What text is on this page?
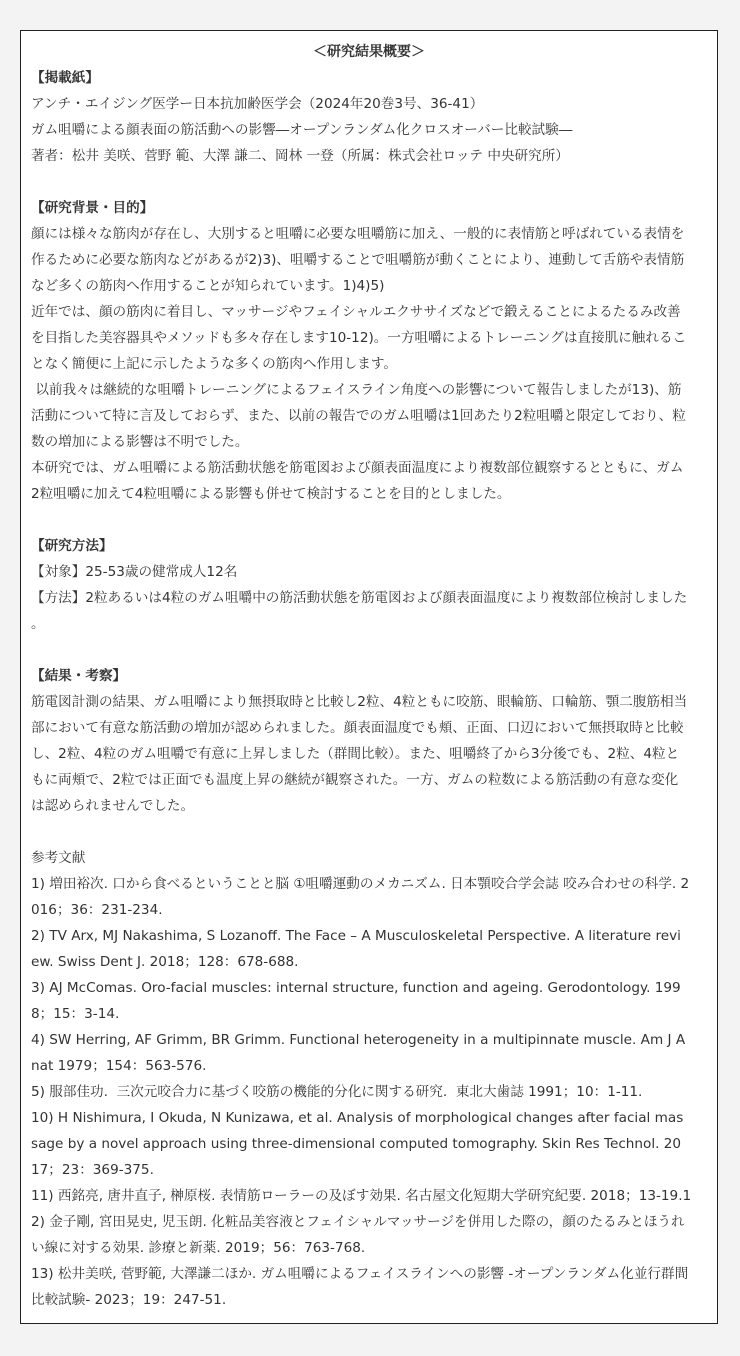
＜研究結果概要＞
【掲載紙】
アンチ・エイジング医学ー日本抗加齢医学会（2024年20巻3号、36-41）
ガム咀嚼による顔表面の筋活動への影響―オープンランダム化クロスオーバー比較試験―
著者：松井 美咲、菅野 範、大澤 謙二、岡林 一登（所属：株式会社ロッテ 中央研究所）
【研究背景・目的】
顔には様々な筋肉が存在し、大別すると咀嚼に必要な咀嚼筋に加え、一般的に表情筋と呼ばれている表情を
作るために必要な筋肉などがあるが2)3)、咀嚼することで咀嚼筋が動くことにより、連動して舌筋や表情筋
など多くの筋肉へ作用することが知られています。1)4)5)
近年では、顔の筋肉に着目し、マッサージやフェイシャルエクササイズなどで鍛えることによるたるみ改善
を目指した美容器具やメソッドも多々存在します10-12)。一方咀嚼によるトレーニングは直接肌に触れるこ
となく簡便に上記に示したような多くの筋肉へ作用します。
以前我々は継続的な咀嚼トレーニングによるフェイスライン角度への影響について報告しましたが13)、筋
活動について特に言及しておらず、また、以前の報告でのガム咀嚼は1回あたり2粒咀嚼と限定しており、粒
数の増加による影響は不明でした。
本研究では、ガム咀嚼による筋活動状態を筋電図および顔表面温度により複数部位観察するとともに、ガム
2粒咀嚼に加えて4粒咀嚼による影響も併せて検討することを目的としました。
【研究方法】
【対象】25-53歳の健常成人12名
【方法】2粒あるいは4粒のガム咀嚼中の筋活動状態を筋電図および顔表面温度により複数部位検討しました
。
【結果・考察】
筋電図計測の結果、ガム咀嚼により無摂取時と比較し2粒、4粒ともに咬筋、眼輪筋、口輪筋、顎二腹筋相当
部において有意な筋活動の増加が認められました。顔表面温度でも頬、正面、口辺において無摂取時と比較
し、2粒、4粒のガム咀嚼で有意に上昇しました（群間比較）。また、咀嚼終了から3分後でも、2粒、4粒と
もに両頬で、2粒では正面でも温度上昇の継続が観察された。一方、ガムの粒数による筋活動の有意な変化
は認められませんでした。
参考文献
1) 増田裕次. 口から食べるということと脳 ①咀嚼運動のメカニズム. 日本顎咬合学会誌 咬み合わせの科学. 2
016；36：231-234.
2) TV Arx, MJ Nakashima, S Lozanoff. The Face – A Musculoskeletal Perspective. A literature revi
ew. Swiss Dent J. 2018；128：678-688.
3) AJ McComas. Oro-facial muscles: internal structure, function and ageing. Gerodontology. 199
8；15：3-14.
4) SW Herring, AF Grimm, BR Grimm. Functional heterogeneity in a multipinnate muscle. Am J A
nat 1979；154：563-576.
5) 服部佳功.  三次元咬合力に基づく咬筋の機能的分化に関する研究.  東北大歯誌 1991；10：1-11.
10) H Nishimura, I Okuda, N Kunizawa, et al. Analysis of morphological changes after facial mas
sage by a novel approach using three-dimensional computed tomography. Skin Res Technol. 20
17；23：369-375.
11) 西銘亮, 唐井直子, 榊原桜. 表情筋ローラーの及ぼす効果. 名古屋文化短期大学研究紀要. 2018；13-19.1
2) 金子剛, 宮田晃史, 児玉朗. 化粧品美容液とフェイシャルマッサージを併用した際の，顔のたるみとほうれ
い線に対する効果. 診療と新薬. 2019；56：763-768.
13) 松井美咲, 菅野範, 大澤謙二ほか. ガム咀嚼によるフェイスラインへの影響 -オープンランダム化並行群間
比較試験- 2023；19：247-51.
